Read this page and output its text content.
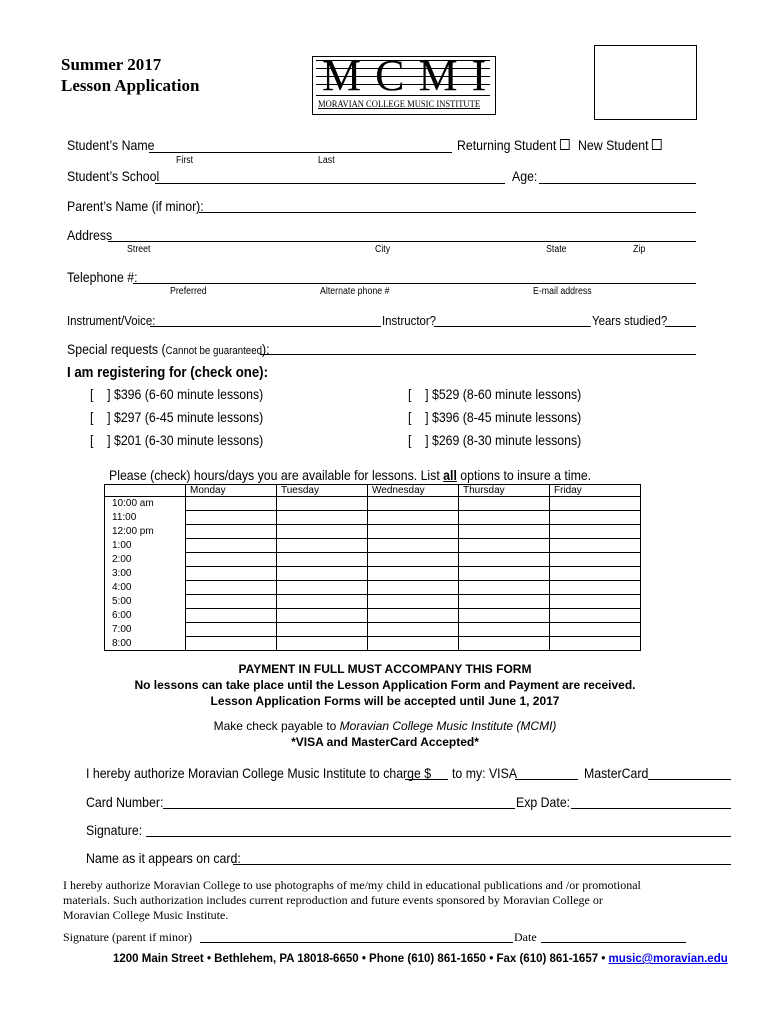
Summer 2017
Lesson Application	MCMI
MORAVIAN COLLEGE MUSIC INSTITUTE
Student’s Name	Returning Student	New Student
First	Last
Student’s School	Age:
Parent’s Name (if minor):
Address
Street	City	State	Zip
Telephone #:
Preferred	Alternate phone #	E-mail address
Instrument/Voice:	Instructor?	Years studied?
Special requests (Cannot be guaranteed):
I am registering for (check one):
[    ] $396 (6-60 minute lessons)
[    ] $297 (6-45 minute lessons)
[    ] $201 (6-30 minute lessons)
[    ] $529 (8-60 minute lessons)
[    ] $396 (8-45 minute lessons)
[    ] $269 (8-30 minute lessons)
Please (check) hours/days you are available for lessons. List all options to insure a time.
	Monday	Tuesday	Wednesday	Thursday	Friday
10:00 am					
11:00					
12:00 pm					
1:00					
2:00					
3:00					
4:00					
5:00					
6:00					
7:00					
8:00					
PAYMENT IN FULL MUST ACCOMPANY THIS FORM
No lessons can take place until the Lesson Application Form and Payment are received.
Lesson Application Forms will be accepted until June 1, 2017
Make check payable to Moravian College Music Institute (MCMI)
*VISA and MasterCard Accepted*
I hereby authorize Moravian College Music Institute to charge $ to my: VISA	MasterCard
Card Number:	Exp Date:
Signature:
Name as it appears on card:
I hereby authorize Moravian College to use photographs of me/my child in educational publications and /or promotional
materials. Such authorization includes current reproduction and future events sponsored by Moravian College or
Moravian College Music Institute.
Signature (parent if minor)	Date
1200 Main Street • Bethlehem, PA 18018-6650 • Phone (610) 861-1650 • Fax (610) 861-1657 • music@moravian.edu
